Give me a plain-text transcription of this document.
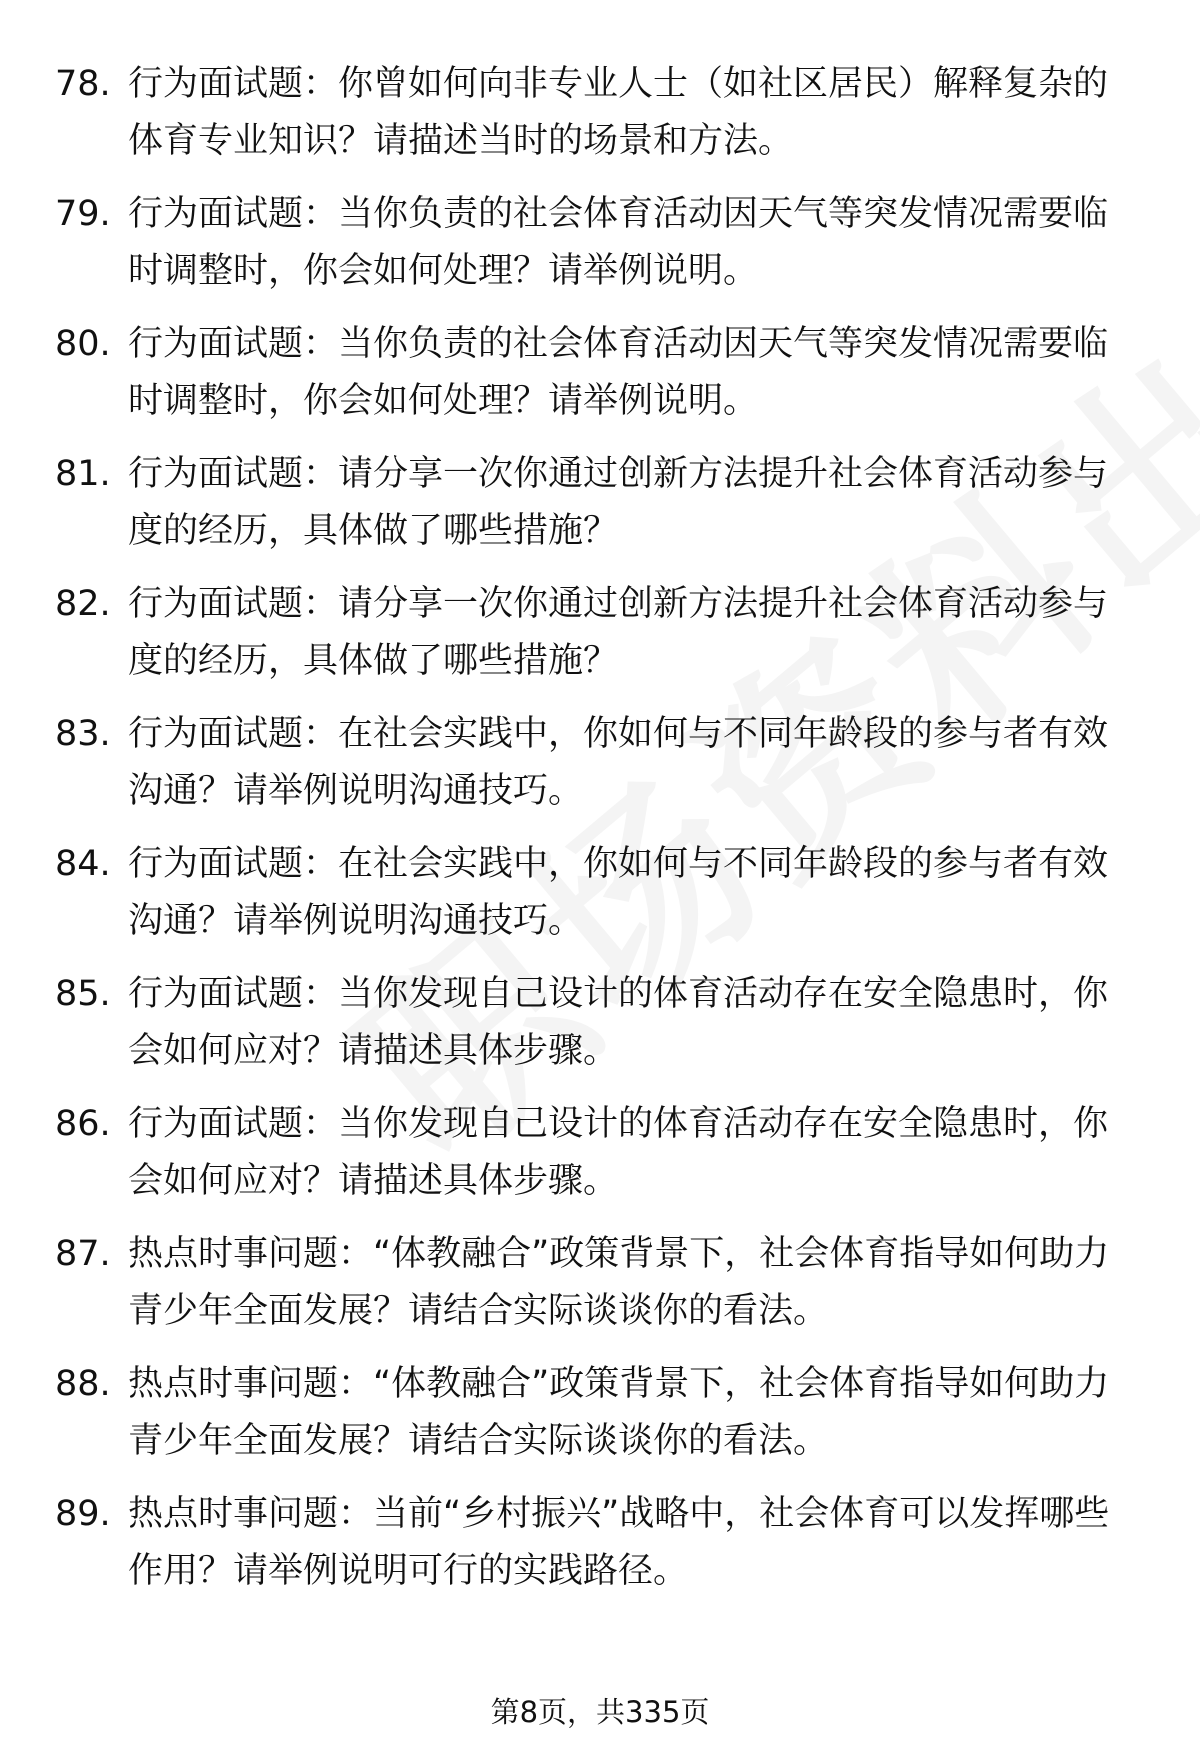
78. 行为面试题：你曾如何向非专业人士（如社区居民）解释复杂的体育专业知识？请描述当时的场景和方法。
79. 行为面试题：当你负责的社会体育活动因天气等突发情况需要临时调整时，你会如何处理？请举例说明。
80. 行为面试题：当你负责的社会体育活动因天气等突发情况需要临时调整时，你会如何处理？请举例说明。
81. 行为面试题：请分享一次你通过创新方法提升社会体育活动参与度的经历，具体做了哪些措施？
82. 行为面试题：请分享一次你通过创新方法提升社会体育活动参与度的经历，具体做了哪些措施？
83. 行为面试题：在社会实践中，你如何与不同年龄段的参与者有效沟通？请举例说明沟通技巧。
84. 行为面试题：在社会实践中，你如何与不同年龄段的参与者有效沟通？请举例说明沟通技巧。
85. 行为面试题：当你发现自己设计的体育活动存在安全隐患时，你会如何应对？请描述具体步骤。
86. 行为面试题：当你发现自己设计的体育活动存在安全隐患时，你会如何应对？请描述具体步骤。
87. 热点时事问题：“体教融合”政策背景下，社会体育指导如何助力青少年全面发展？请结合实际谈谈你的看法。
88. 热点时事问题：“体教融合”政策背景下，社会体育指导如何助力青少年全面发展？请结合实际谈谈你的看法。
89. 热点时事问题：当前“乡村振兴”战略中，社会体育可以发挥哪些作用？请举例说明可行的实践路径。
第8页，共335页
